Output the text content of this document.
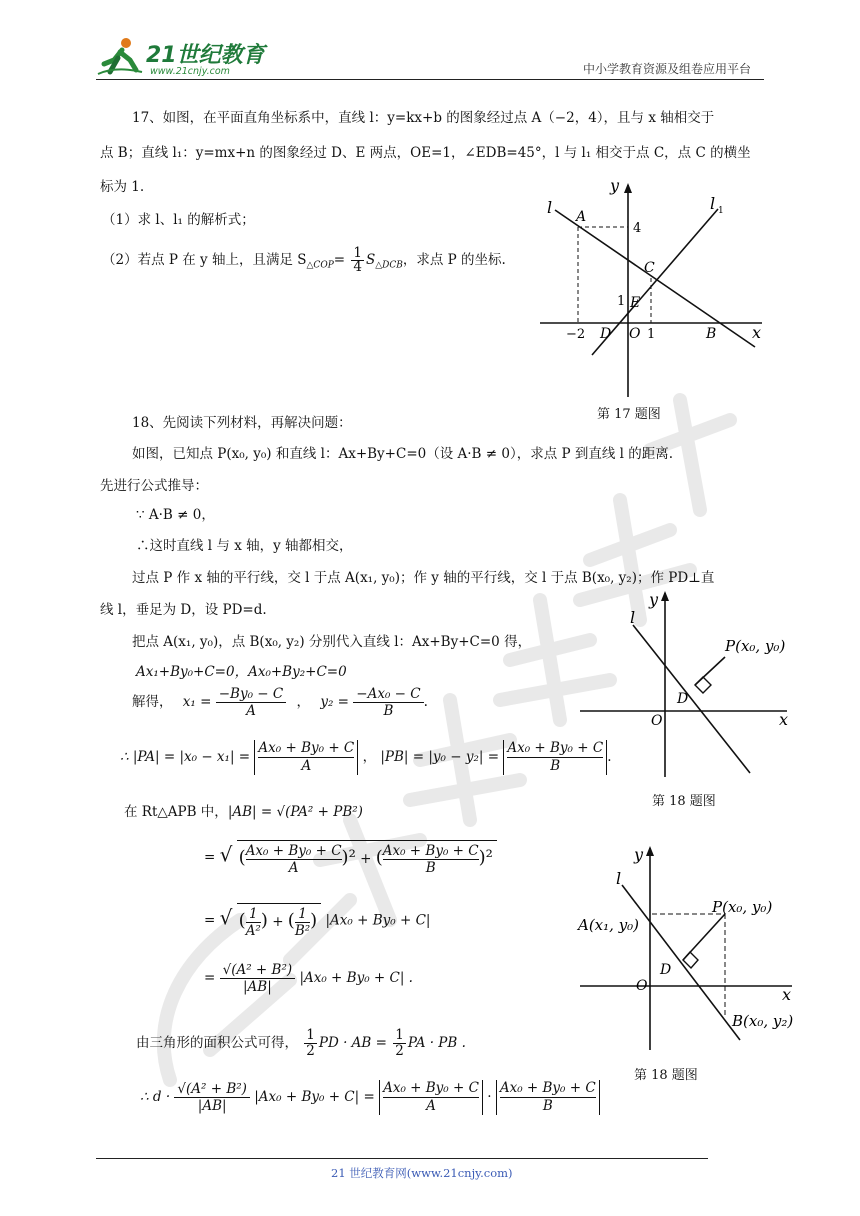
21世纪教育
www.21cnjy.com	中小学教育资源及组卷应用平台
17、如图，在平面直角坐标系中，直线 l：y=kx+b 的图象经过点 A（−2，4），且与 x 轴相交于
点 B；直线 l₁：y=mx+n 的图象经过 D、E 两点，OE=1，∠EDB=45°，l 与 l₁ 相交于点 C，点 C 的横坐
标为 1.
（1）求 l、l₁ 的解析式；
（2）若点 P 在 y 轴上，且满足 $S_{\triangle COP}= \frac{1}{4} S_{\triangle DCB}$，求点 P 的坐标.
y
x
l	l 1
A
4
C
1 E
−2 D O 1	B
第 17 题图
18、先阅读下列材料，再解决问题：
如图，已知点 P(x₀, y₀) 和直线 l：Ax+By+C=0（设 A·B ≠ 0），求点 P 到直线 l 的距离.
先进行公式推导：
∵ A·B ≠ 0，
∴这时直线 l 与 x 轴，y 轴都相交，
过点 P 作 x 轴的平行线，交 l 于点 A(x₁, y₀)；作 y 轴的平行线，交 l 于点 B(x₀, y₂)；作 PD⊥直
线 l，垂足为 D，设 PD=d.
把点 A(x₁, y₀)，点 B(x₀, y₂) 分别代入直线 l：Ax+By+C=0 得，
Ax₁+By₀+C=0，Ax₀+By₂+C=0
解得， $x_1 = \frac{\text{−By₀ − C}}{A}$ ， $y_2 = \frac{\text{−Ax₀ − C}}{B}$ .
∴ $|PA| = |x_0 - x_1| = \frac{\text{Ax₀ + By₀ + C}}{A}$ ， $|PB| = |y_0 - y_2| = \frac{\text{Ax₀ + By₀ + C}}{B}$ .
在 Rt△APB 中，|AB| = √(PA² + PB²)
= √ ( $\frac{\text{Ax₀ + By₀ + C}}{A} )^2$ + ( $\frac{\text{Ax₀ + By₀ + C}}{B} )^2$
= √ ( $\frac{1}{\text{A²}}$ ) + ( $\frac{1}{\text{B²}}$ ) |Ax₀ + By₀ + C|
= $\frac{\text{√(A² + B²)}}{|AB|} |Ax_0 + By_0 + C|$ .
由三角形的面积公式可得， $\frac{1}{2}$ PD · AB = $\frac{1}{2}$ PA · PB .
∴ $d \cdot \frac{\text{√(A² + B²)}}{|AB|} |Ax_0 + By_0 + C| = \frac{\text{Ax₀ + By₀ + C}}{A} \cdot \frac{\text{Ax₀ + By₀ + C}}{B}$
y
x
l
P(x₀, y₀)
D
O
第 18 题图
y
x
l
P(x₀, y₀)
A(x₁, y₀)
D
O
B(x₀, y₂)
第 18 题图
21 世纪教育网(www.21cnjy.com)
